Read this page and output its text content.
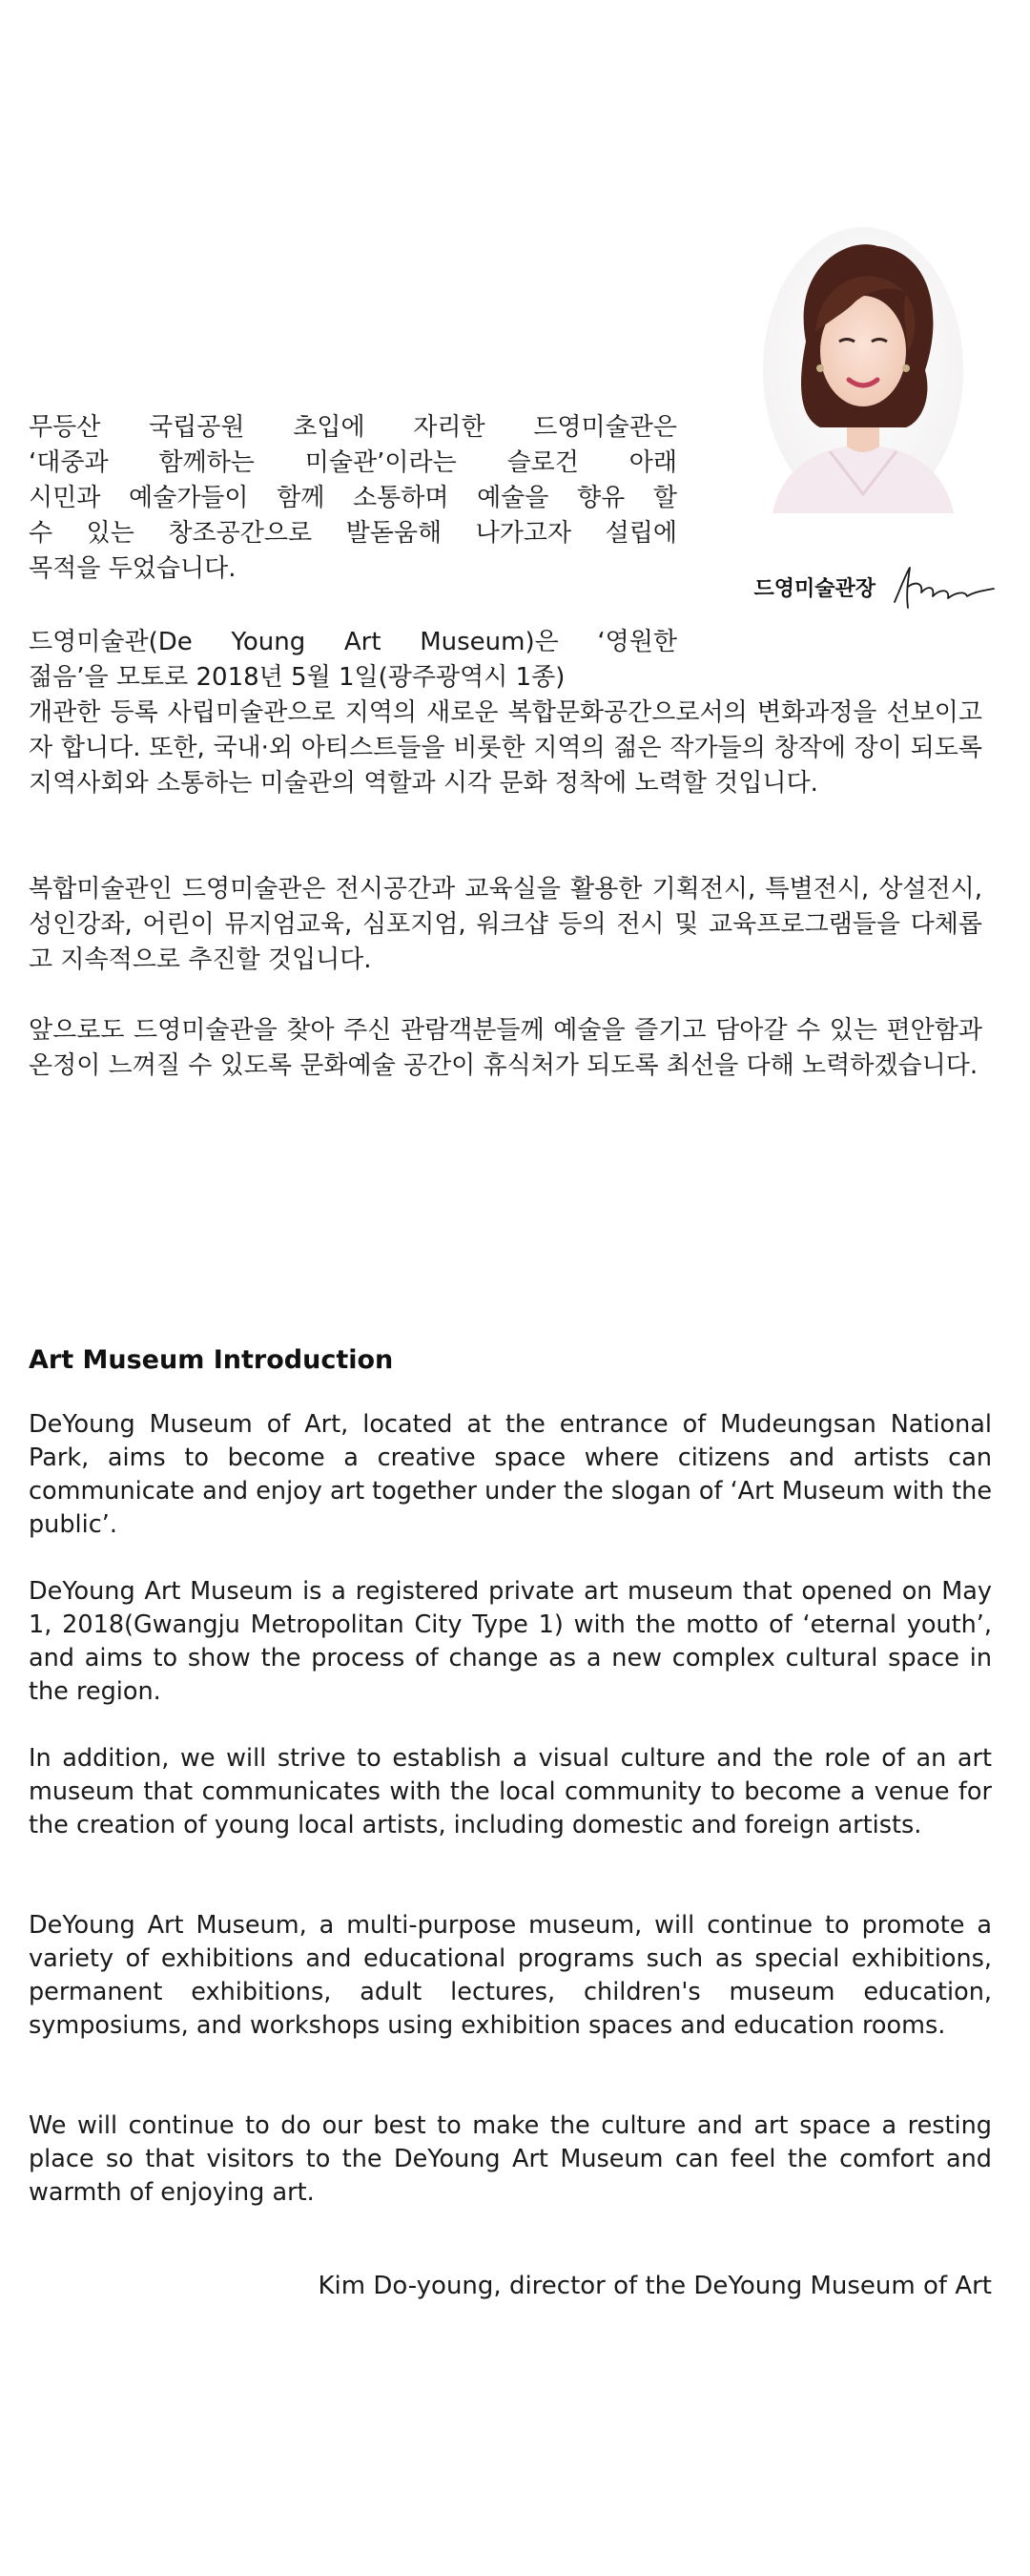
드영미술관장
무등산 국립공원 초입에 자리한 드영미술관은
‘대중과 함께하는 미술관’이라는 슬로건 아래
시민과 예술가들이 함께 소통하며 예술을 향유 할
수 있는 창조공간으로 발돋움해 나가고자 설립에
목적을 두었습니다.
드영미술관(De Young Art Museum)은 ‘영원한
젊음’을 모토로 2018년 5월 1일(광주광역시 1종)
개관한 등록 사립미술관으로 지역의 새로운 복합문화공간으로서의 변화과정을 선보이고자 합니다. 또한, 국내·외 아티스트들을 비롯한 지역의 젊은 작가들의 창작에 장이 되도록 지역사회와 소통하는 미술관의 역할과 시각 문화 정착에 노력할 것입니다.
복합미술관인 드영미술관은 전시공간과 교육실을 활용한 기획전시, 특별전시, 상설전시, 성인강좌, 어린이 뮤지엄교육, 심포지엄, 워크샵 등의 전시 및 교육프로그램들을 다체롭고 지속적으로 추진할 것입니다.
앞으로도 드영미술관을 찾아 주신 관람객분들께 예술을 즐기고 담아갈 수 있는 편안함과 온정이 느껴질 수 있도록 문화예술 공간이 휴식처가 되도록 최선을 다해 노력하겠습니다.
Art Museum Introduction
DeYoung Museum of Art, located at the entrance of Mudeungsan National Park, aims to become a creative space where citizens and artists can communicate and enjoy art together under the slogan of ‘Art Museum with the public’.
DeYoung Art Museum is a registered private art museum that opened on May 1, 2018(Gwangju Metropolitan City Type 1) with the motto of ‘eternal youth’, and aims to show the process of change as a new complex cultural space in the region.
In addition, we will strive to establish a visual culture and the role of an art museum that communicates with the local community to become a venue for the creation of young local artists, including domestic and foreign artists.
DeYoung Art Museum, a multi-purpose museum, will continue to promote a variety of exhibitions and educational programs such as special exhibitions, permanent exhibitions, adult lectures, children's museum education, symposiums, and workshops using exhibition spaces and education rooms.
We will continue to do our best to make the culture and art space a resting place so that visitors to the DeYoung Art Museum can feel the comfort and warmth of enjoying art.
Kim Do-young, director of the DeYoung Museum of Art
